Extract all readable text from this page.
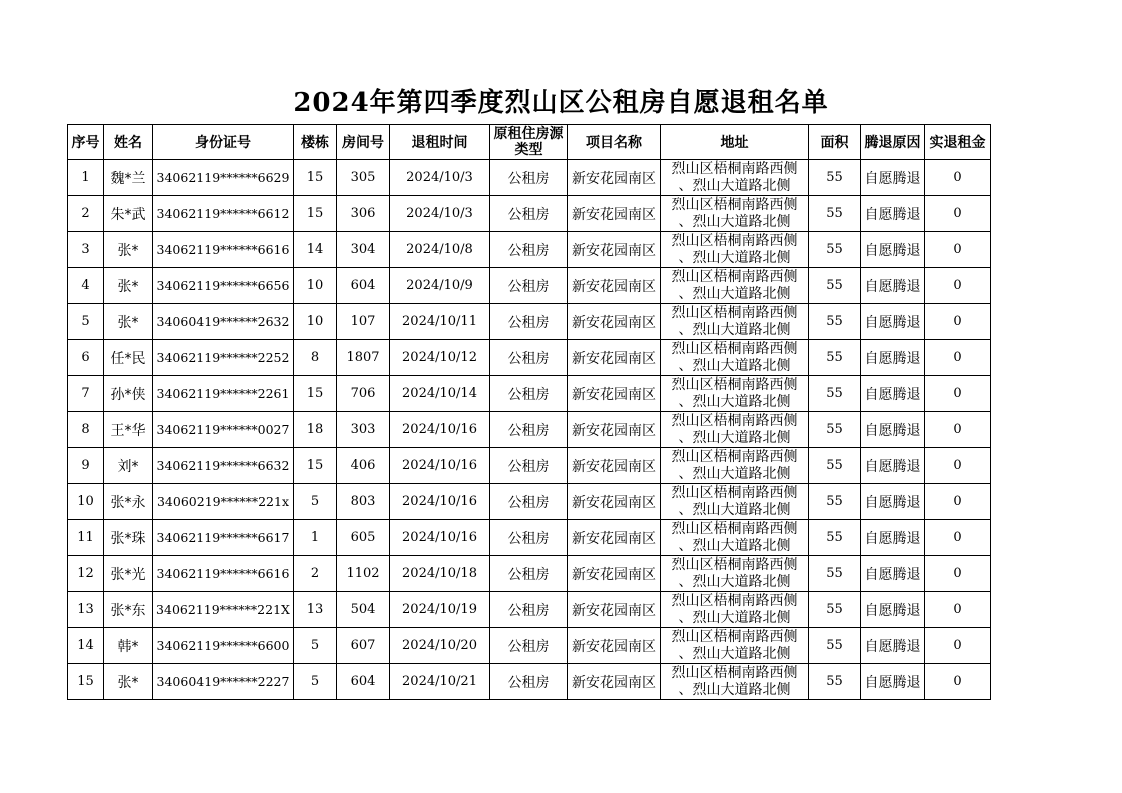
2024年第四季度烈山区公租房自愿退租名单
序号	姓名	身份证号	楼栋	房间号	退租时间	原租住房源类型	项目名称	地址	面积	腾退原因	实退租金
1	魏*兰	34062119******6629	15	305	2024/10/3	公租房	新安花园南区	烈山区梧桐南路西侧
、烈山大道路北侧	55	自愿腾退	0
2	朱*武	34062119******6612	15	306	2024/10/3	公租房	新安花园南区	烈山区梧桐南路西侧
、烈山大道路北侧	55	自愿腾退	0
3	张*	34062119******6616	14	304	2024/10/8	公租房	新安花园南区	烈山区梧桐南路西侧
、烈山大道路北侧	55	自愿腾退	0
4	张*	34062119******6656	10	604	2024/10/9	公租房	新安花园南区	烈山区梧桐南路西侧
、烈山大道路北侧	55	自愿腾退	0
5	张*	34060419******2632	10	107	2024/10/11	公租房	新安花园南区	烈山区梧桐南路西侧
、烈山大道路北侧	55	自愿腾退	0
6	任*民	34062119******2252	8	1807	2024/10/12	公租房	新安花园南区	烈山区梧桐南路西侧
、烈山大道路北侧	55	自愿腾退	0
7	孙*侠	34062119******2261	15	706	2024/10/14	公租房	新安花园南区	烈山区梧桐南路西侧
、烈山大道路北侧	55	自愿腾退	0
8	王*华	34062119******0027	18	303	2024/10/16	公租房	新安花园南区	烈山区梧桐南路西侧
、烈山大道路北侧	55	自愿腾退	0
9	刘*	34062119******6632	15	406	2024/10/16	公租房	新安花园南区	烈山区梧桐南路西侧
、烈山大道路北侧	55	自愿腾退	0
10	张*永	34060219******221x	5	803	2024/10/16	公租房	新安花园南区	烈山区梧桐南路西侧
、烈山大道路北侧	55	自愿腾退	0
11	张*珠	34062119******6617	1	605	2024/10/16	公租房	新安花园南区	烈山区梧桐南路西侧
、烈山大道路北侧	55	自愿腾退	0
12	张*光	34062119******6616	2	1102	2024/10/18	公租房	新安花园南区	烈山区梧桐南路西侧
、烈山大道路北侧	55	自愿腾退	0
13	张*东	34062119******221X	13	504	2024/10/19	公租房	新安花园南区	烈山区梧桐南路西侧
、烈山大道路北侧	55	自愿腾退	0
14	韩*	34062119******6600	5	607	2024/10/20	公租房	新安花园南区	烈山区梧桐南路西侧
、烈山大道路北侧	55	自愿腾退	0
15	张*	34060419******2227	5	604	2024/10/21	公租房	新安花园南区	烈山区梧桐南路西侧
、烈山大道路北侧	55	自愿腾退	0
